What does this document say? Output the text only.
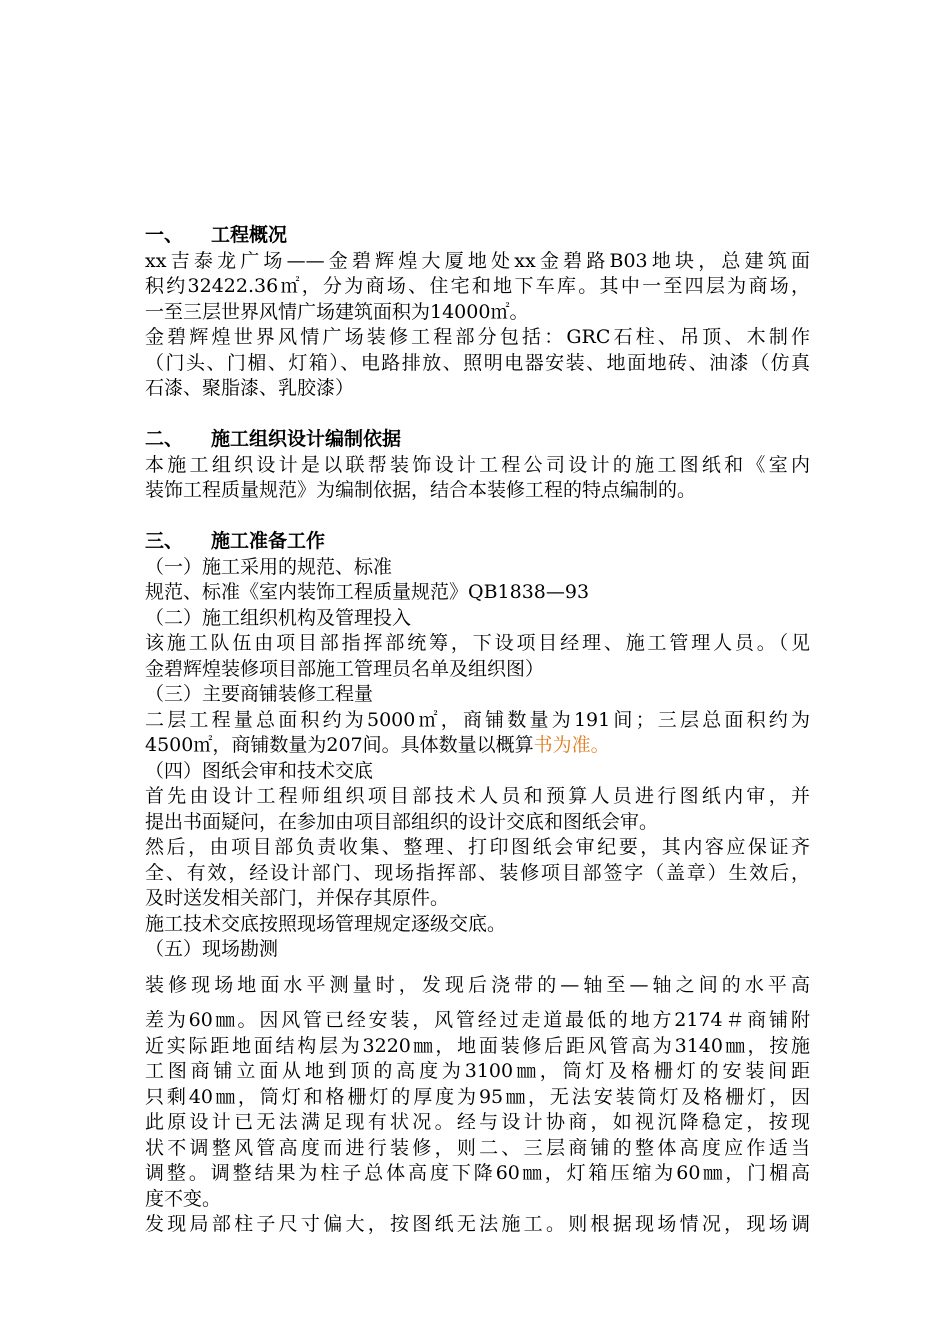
一、 工程概况
xx吉泰龙广场——金碧辉煌大厦地处xx金碧路B03地块，总建筑面
积约32422.36㎡，分为商场、住宅和地下车库。其中一至四层为商场，
一至三层世界风情广场建筑面积为14000㎡。
金碧辉煌世界风情广场装修工程部分包括：GRC石柱、吊顶、木制作
（门头、门楣、灯箱）、电路排放、照明电器安装、地面地砖、油漆（仿真
石漆、聚脂漆、乳胶漆）
二、 施工组织设计编制依据
本施工组织设计是以联帮装饰设计工程公司设计的施工图纸和《室内
装饰工程质量规范》为编制依据，结合本装修工程的特点编制的。
三、 施工准备工作
（一）施工采用的规范、标准
规范、标准《室内装饰工程质量规范》QB1838—93
（二）施工组织机构及管理投入
该施工队伍由项目部指挥部统筹，下设项目经理、施工管理人员。（见
金碧辉煌装修项目部施工管理员名单及组织图）
（三）主要商铺装修工程量
二层工程量总面积约为5000㎡，商铺数量为191间；三层总面积约为
4500㎡，商铺数量为207间。具体数量以概算书为准。
（四）图纸会审和技术交底
首先由设计工程师组织项目部技术人员和预算人员进行图纸内审，并
提出书面疑问，在参加由项目部组织的设计交底和图纸会审。
然后，由项目部负责收集、整理、打印图纸会审纪要，其内容应保证齐
全、有效，经设计部门、现场指挥部、装修项目部签字（盖章）生效后，
及时送发相关部门，并保存其原件。
施工技术交底按照现场管理规定逐级交底。
（五）现场勘测
装修现场地面水平测量时，发现后浇带的—轴至—轴之间的水平高
差为60㎜。因风管已经安装，风管经过走道最低的地方2174＃商铺附
近实际距地面结构层为3220㎜，地面装修后距风管高为3140㎜，按施
工图商铺立面从地到顶的高度为3100㎜，筒灯及格栅灯的安装间距
只剩40㎜，筒灯和格栅灯的厚度为95㎜，无法安装筒灯及格栅灯，因
此原设计已无法满足现有状况。经与设计协商，如视沉降稳定，按现
状不调整风管高度而进行装修，则二、三层商铺的整体高度应作适当
调整。调整结果为柱子总体高度下降60㎜，灯箱压缩为60㎜，门楣高
度不变。
发现局部柱子尺寸偏大，按图纸无法施工。则根据现场情况，现场调
